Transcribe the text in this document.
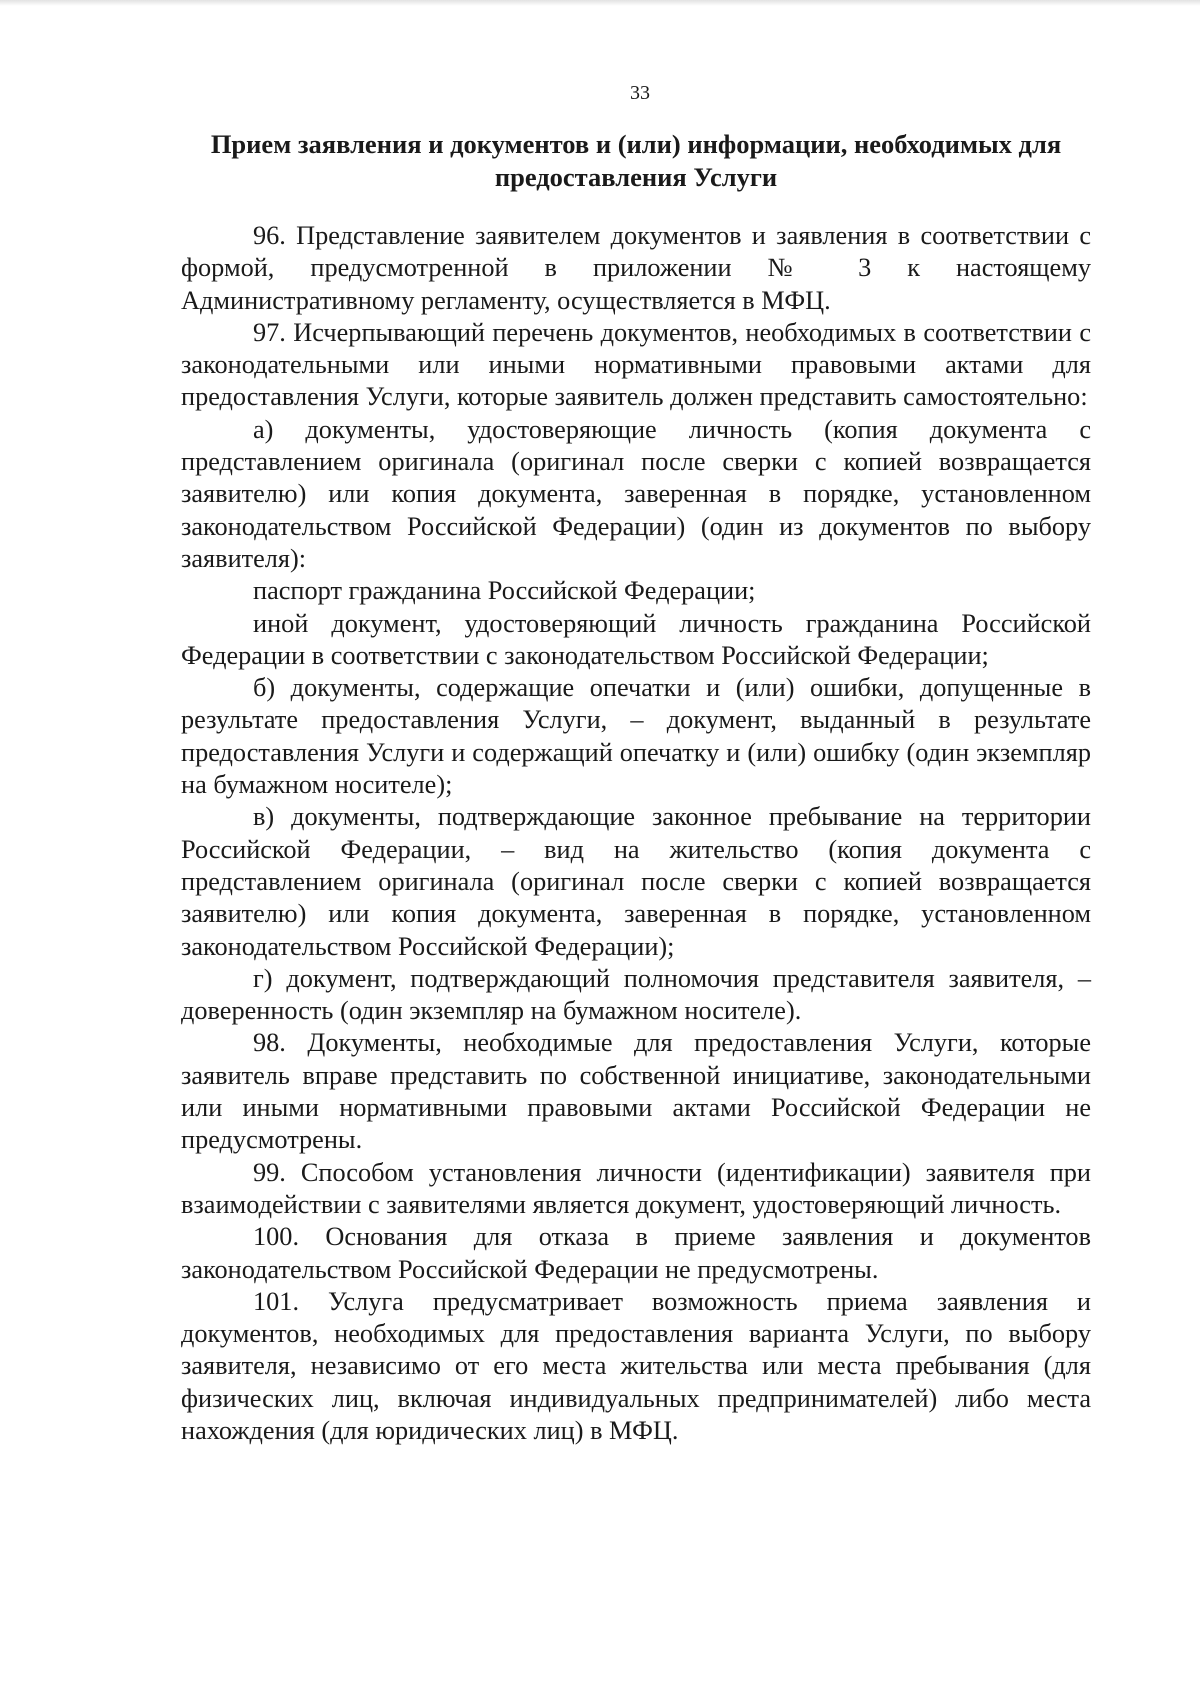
33
Прием заявления и документов и (или) информации, необходимых для предоставления Услуги

96. Представление заявителем документов и заявления в соответствии с формой, предусмотренной в приложении № 3 к настоящему Административному регламенту, осуществляется в МФЦ.

97. Исчерпывающий перечень документов, необходимых в соответствии с законодательными или иными нормативными правовыми актами для предоставления Услуги, которые заявитель должен представить самостоятельно:

а) документы, удостоверяющие личность (копия документа с представлением оригинала (оригинал после сверки с копией возвращается заявителю) или копия документа, заверенная в порядке, установленном законодательством Российской Федерации) (один из документов по выбору заявителя):

паспорт гражданина Российской Федерации;

иной документ, удостоверяющий личность гражданина Российской Федерации в соответствии с законодательством Российской Федерации;

б) документы, содержащие опечатки и (или) ошибки, допущенные в результате предоставления Услуги, – документ, выданный в результате предоставления Услуги и содержащий опечатку и (или) ошибку (один экземпляр на бумажном носителе);

в) документы, подтверждающие законное пребывание на территории Российской Федерации, – вид на жительство (копия документа с представлением оригинала (оригинал после сверки с копией возвращается заявителю) или копия документа, заверенная в порядке, установленном законодательством Российской Федерации);

г) документ, подтверждающий полномочия представителя заявителя, – доверенность (один экземпляр на бумажном носителе).

98. Документы, необходимые для предоставления Услуги, которые заявитель вправе представить по собственной инициативе, законодательными или иными нормативными правовыми актами Российской Федерации не предусмотрены.

99. Способом установления личности (идентификации) заявителя при взаимодействии с заявителями является документ, удостоверяющий личность.

100. Основания для отказа в приеме заявления и документов законодательством Российской Федерации не предусмотрены.

101. Услуга предусматривает возможность приема заявления и документов, необходимых для предоставления варианта Услуги, по выбору заявителя, независимо от его места жительства или места пребывания (для физических лиц, включая индивидуальных предпринимателей) либо места нахождения (для юридических лиц) в МФЦ.
